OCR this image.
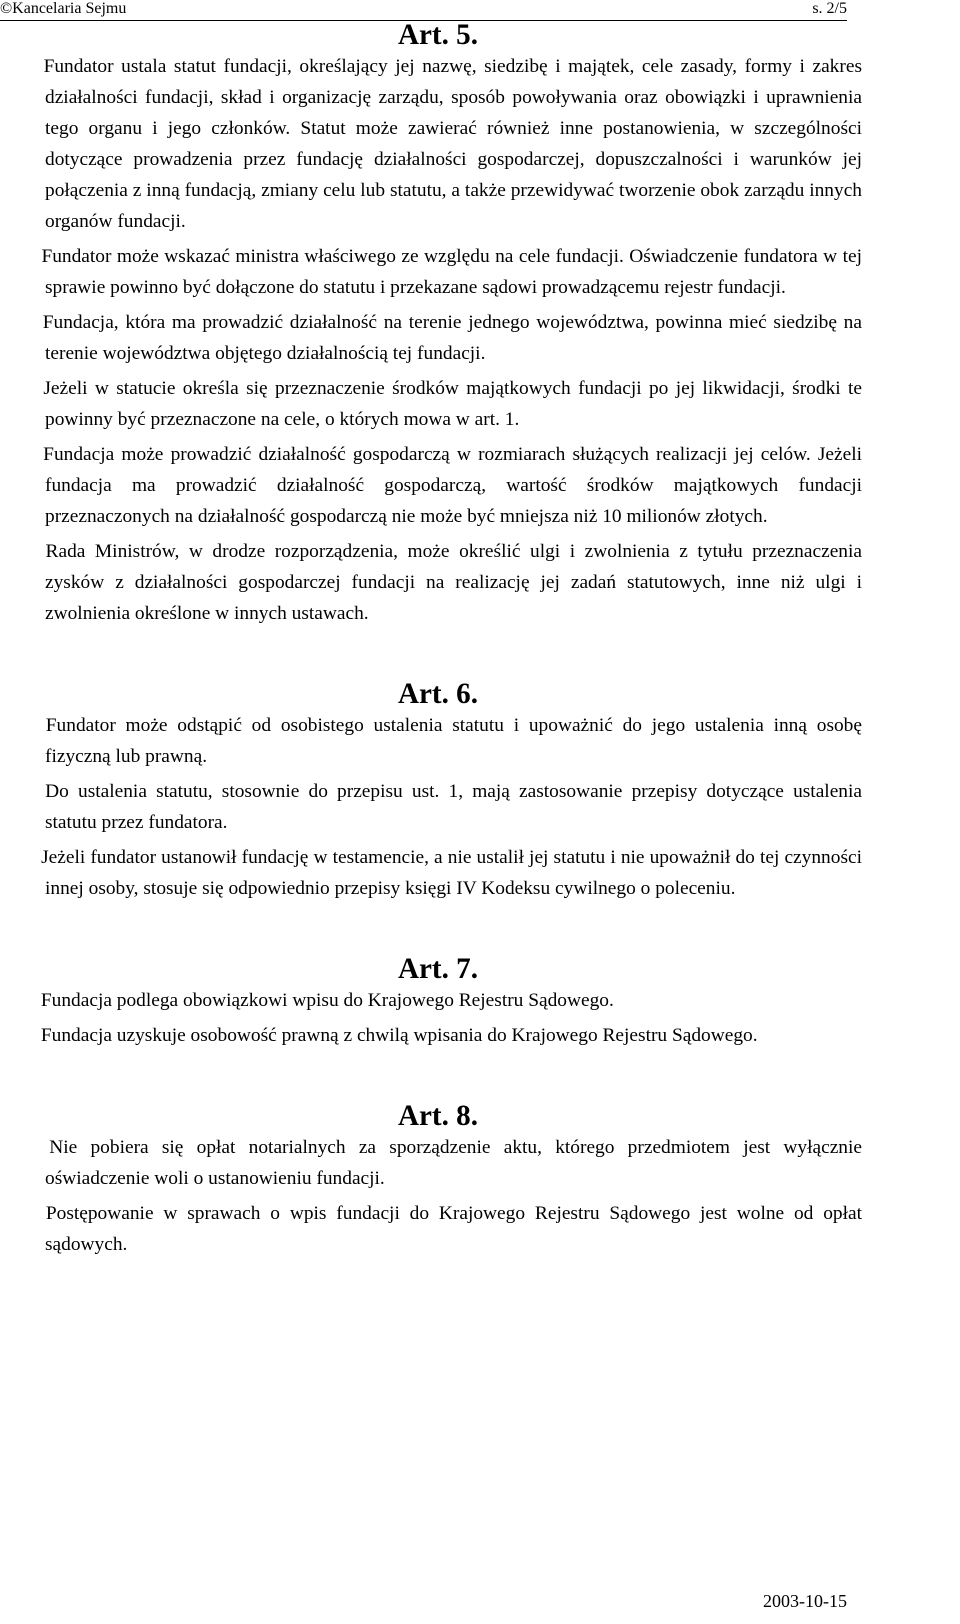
©Kancelaria Sejmu	s. 2/5
Art. 5.

Fundator ustala statut fundacji, określający jej nazwę, siedzibę i majątek, cele zasady, formy i zakres działalności fundacji, skład i organizację zarządu, sposób powoływania oraz obowiązki i uprawnienia tego organu i jego członków. Statut może zawierać również inne postanowienia, w szczególności dotyczące prowadzenia przez fundację działalności gospodarczej, dopuszczalności i warunków jej połączenia z inną fundacją, zmiany celu lub statutu, a także przewidywać tworzenie obok zarządu innych organów fundacji.

Fundator może wskazać ministra właściwego ze względu na cele fundacji. Oświadczenie fundatora w tej sprawie powinno być dołączone do statutu i przekazane sądowi prowadzącemu rejestr fundacji.

Fundacja, która ma prowadzić działalność na terenie jednego województwa, powinna mieć siedzibę na terenie województwa objętego działalnością tej fundacji.

Jeżeli w statucie określa się przeznaczenie środków majątkowych fundacji po jej likwidacji, środki te powinny być przeznaczone na cele, o których mowa w art. 1.

Fundacja może prowadzić działalność gospodarczą w rozmiarach służących realizacji jej celów. Jeżeli fundacja ma prowadzić działalność gospodarczą, wartość środków majątkowych fundacji przeznaczonych na działalność gospodarczą nie może być mniejsza niż 10 milionów złotych.

Rada Ministrów, w drodze rozporządzenia, może określić ulgi i zwolnienia z tytułu przeznaczenia zysków z działalności gospodarczej fundacji na realizację jej zadań statutowych, inne niż ulgi i zwolnienia określone w innych ustawach.

Art. 6.

Fundator może odstąpić od osobistego ustalenia statutu i upoważnić do jego ustalenia inną osobę fizyczną lub prawną.

Do ustalenia statutu, stosownie do przepisu ust. 1, mają zastosowanie przepisy dotyczące ustalenia statutu przez fundatora.

Jeżeli fundator ustanowił fundację w testamencie, a nie ustalił jej statutu i nie upoważnił do tej czynności innej osoby, stosuje się odpowiednio przepisy księgi IV Kodeksu cywilnego o poleceniu.

Art. 7.

Fundacja podlega obowiązkowi wpisu do Krajowego Rejestru Sądowego.

Fundacja uzyskuje osobowość prawną z chwilą wpisania do Krajowego Rejestru Sądowego.

Art. 8.

Nie pobiera się opłat notarialnych za sporządzenie aktu, którego przedmiotem jest wyłącznie oświadczenie woli o ustanowieniu fundacji.

Postępowanie w sprawach o wpis fundacji do Krajowego Rejestru Sądowego jest wolne od opłat sądowych.

2003-10-15
